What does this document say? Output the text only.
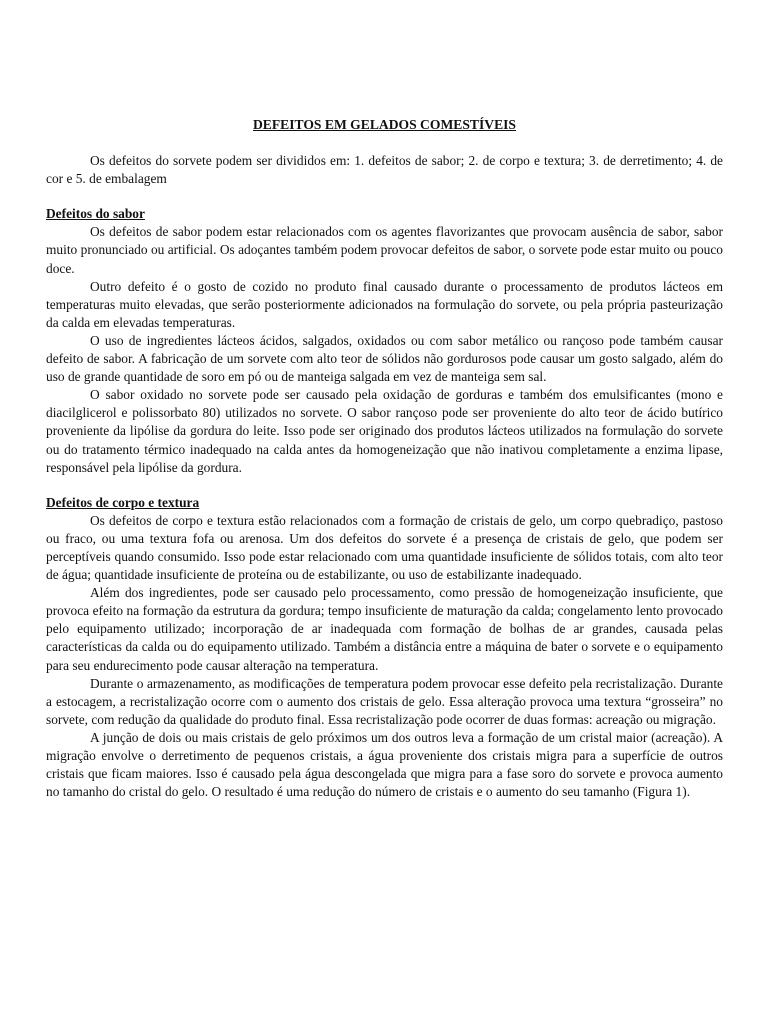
DEFEITOS EM GELADOS COMESTÍVEIS

Os defeitos do sorvete podem ser divididos em: 1. defeitos de sabor; 2. de corpo e textura; 3. de derretimento; 4. de cor e 5. de embalagem

Defeitos do sabor

Os defeitos de sabor podem estar relacionados com os agentes flavorizantes que provocam ausência de sabor, sabor muito pronunciado ou artificial. Os adoçantes também podem provocar defeitos de sabor, o sorvete pode estar muito ou pouco doce.

Outro defeito é o gosto de cozido no produto final causado durante o processamento de produtos lácteos em temperaturas muito elevadas, que serão posteriormente adicionados na formulação do sorvete, ou pela própria pasteurização da calda em elevadas temperaturas.

O uso de ingredientes lácteos ácidos, salgados, oxidados ou com sabor metálico ou rançoso pode também causar defeito de sabor. A fabricação de um sorvete com alto teor de sólidos não gordurosos pode causar um gosto salgado, além do uso de grande quantidade de soro em pó ou de manteiga salgada em vez de manteiga sem sal.

O sabor oxidado no sorvete pode ser causado pela oxidação de gorduras e também dos emulsificantes (mono e diacilglicerol e polissorbato 80) utilizados no sorvete. O sabor rançoso pode ser proveniente do alto teor de ácido butírico proveniente da lipólise da gordura do leite. Isso pode ser originado dos produtos lácteos utilizados na formulação do sorvete ou do tratamento térmico inadequado na calda antes da homogeneização que não inativou completamente a enzima lipase, responsável pela lipólise da gordura.

Defeitos de corpo e textura

Os defeitos de corpo e textura estão relacionados com a formação de cristais de gelo, um corpo quebradiço, pastoso ou fraco, ou uma textura fofa ou arenosa. Um dos defeitos do sorvete é a presença de cristais de gelo, que podem ser perceptíveis quando consumido. Isso pode estar relacionado com uma quantidade insuficiente de sólidos totais, com alto teor de água; quantidade insuficiente de proteína ou de estabilizante, ou uso de estabilizante inadequado.

Além dos ingredientes, pode ser causado pelo processamento, como pressão de homogeneização insuficiente, que provoca efeito na formação da estrutura da gordura; tempo insuficiente de maturação da calda; congelamento lento provocado pelo equipamento utilizado; incorporação de ar inadequada com formação de bolhas de ar grandes, causada pelas características da calda ou do equipamento utilizado. Também a distância entre a máquina de bater o sorvete e o equipamento para seu endurecimento pode causar alteração na temperatura.

Durante o armazenamento, as modificações de temperatura podem provocar esse defeito pela recristalização. Durante a estocagem, a recristalização ocorre com o aumento dos cristais de gelo. Essa alteração provoca uma textura “grosseira” no sorvete, com redução da qualidade do produto final. Essa recristalização pode ocorrer de duas formas: acreação ou migração.

A junção de dois ou mais cristais de gelo próximos um dos outros leva a formação de um cristal maior (acreação). A migração envolve o derretimento de pequenos cristais, a água proveniente dos cristais migra para a superfície de outros cristais que ficam maiores. Isso é causado pela água descongelada que migra para a fase soro do sorvete e provoca aumento no tamanho do cristal do gelo. O resultado é uma redução do número de cristais e o aumento do seu tamanho (Figura 1).
